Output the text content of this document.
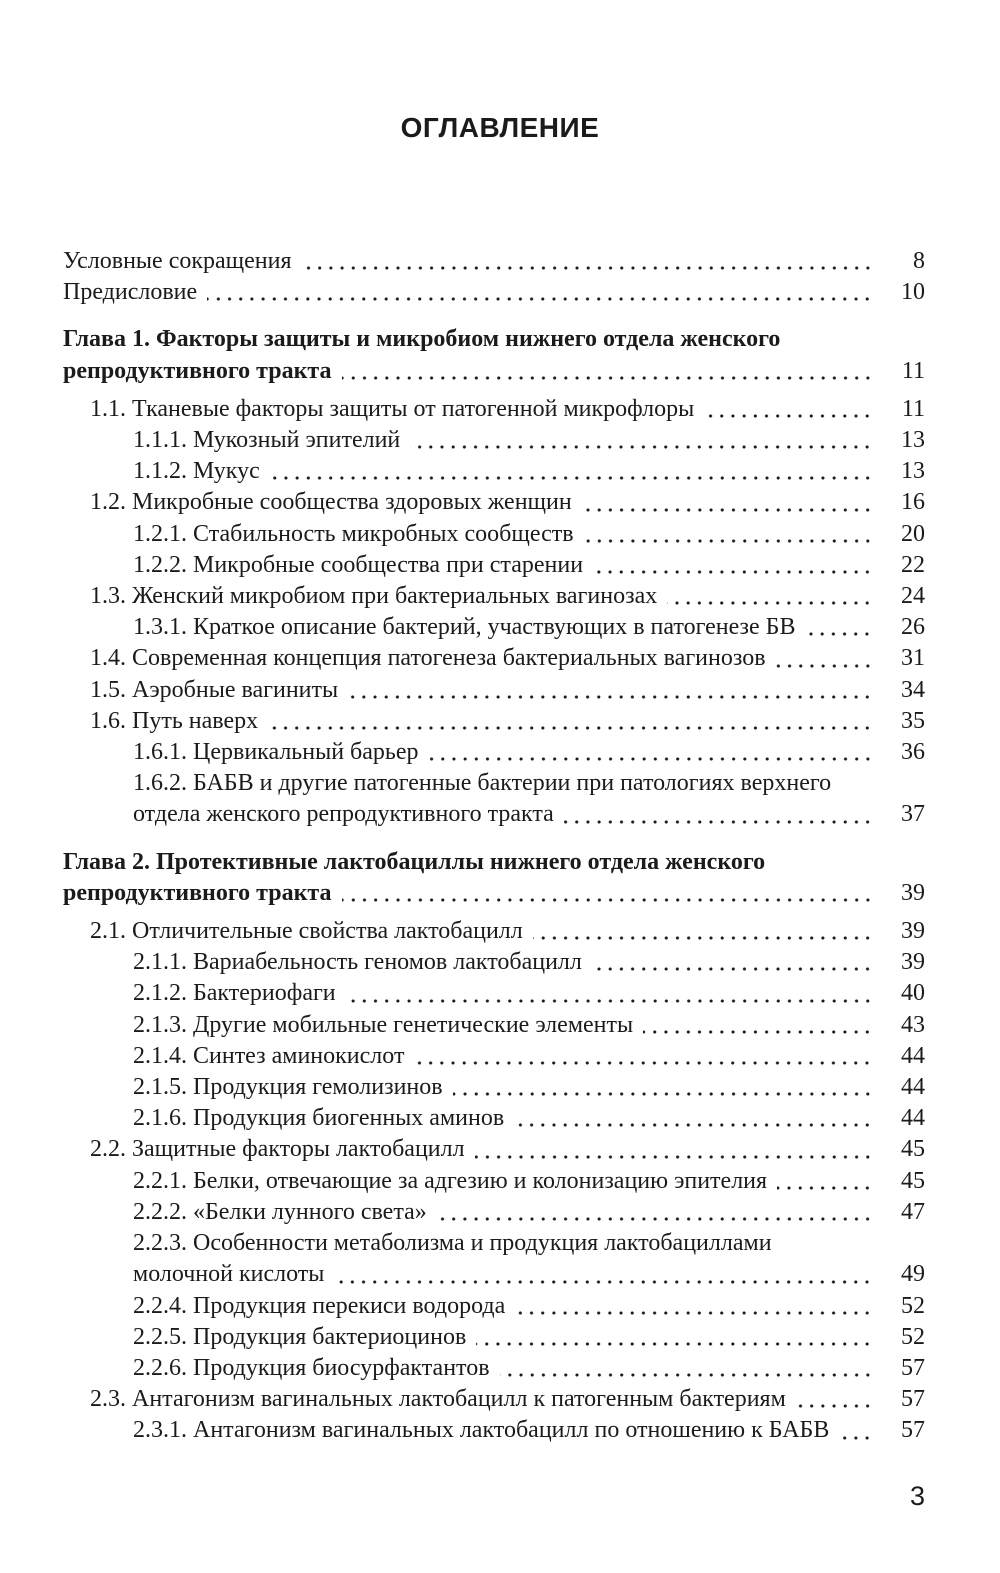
ОГЛАВЛЕНИЕ
Условные сокращения	8
Предисловие	10
Глава 1. Факторы защиты и микробиом нижнего отдела женского
репродуктивного тракта	11
1.1. Тканевые факторы защиты от патогенной микрофлоры	11
1.1.1. Мукозный эпителий	13
1.1.2. Мукус	13
1.2. Микробные сообщества здоровых женщин	16
1.2.1. Стабильность микробных сообществ	20
1.2.2. Микробные сообщества при старении	22
1.3. Женский микробиом при бактериальных вагинозах	24
1.3.1. Краткое описание бактерий, участвующих в патогенезе БВ	26
1.4. Современная концепция патогенеза бактериальных вагинозов	31
1.5. Аэробные вагиниты	34
1.6. Путь наверх	35
1.6.1. Цервикальный барьер	36
1.6.2. БАБВ и другие патогенные бактерии при патологиях верхнего
отдела женского репродуктивного тракта	37
Глава 2. Протективные лактобациллы нижнего отдела женского
репродуктивного тракта	39
2.1. Отличительные свойства лактобацилл	39
2.1.1. Вариабельность геномов лактобацилл	39
2.1.2. Бактериофаги	40
2.1.3. Другие мобильные генетические элементы	43
2.1.4. Синтез аминокислот	44
2.1.5. Продукция гемолизинов	44
2.1.6. Продукция биогенных аминов	44
2.2. Защитные факторы лактобацилл	45
2.2.1. Белки, отвечающие за адгезию и колонизацию эпителия	45
2.2.2. «Белки лунного света»	47
2.2.3. Особенности метаболизма и продукция лактобациллами
молочной кислоты	49
2.2.4. Продукция перекиси водорода	52
2.2.5. Продукция бактериоцинов	52
2.2.6. Продукция биосурфактантов	57
2.3. Антагонизм вагинальных лактобацилл к патогенным бактериям	57
2.3.1. Антагонизм вагинальных лактобацилл по отношению к БАБВ	57
3
